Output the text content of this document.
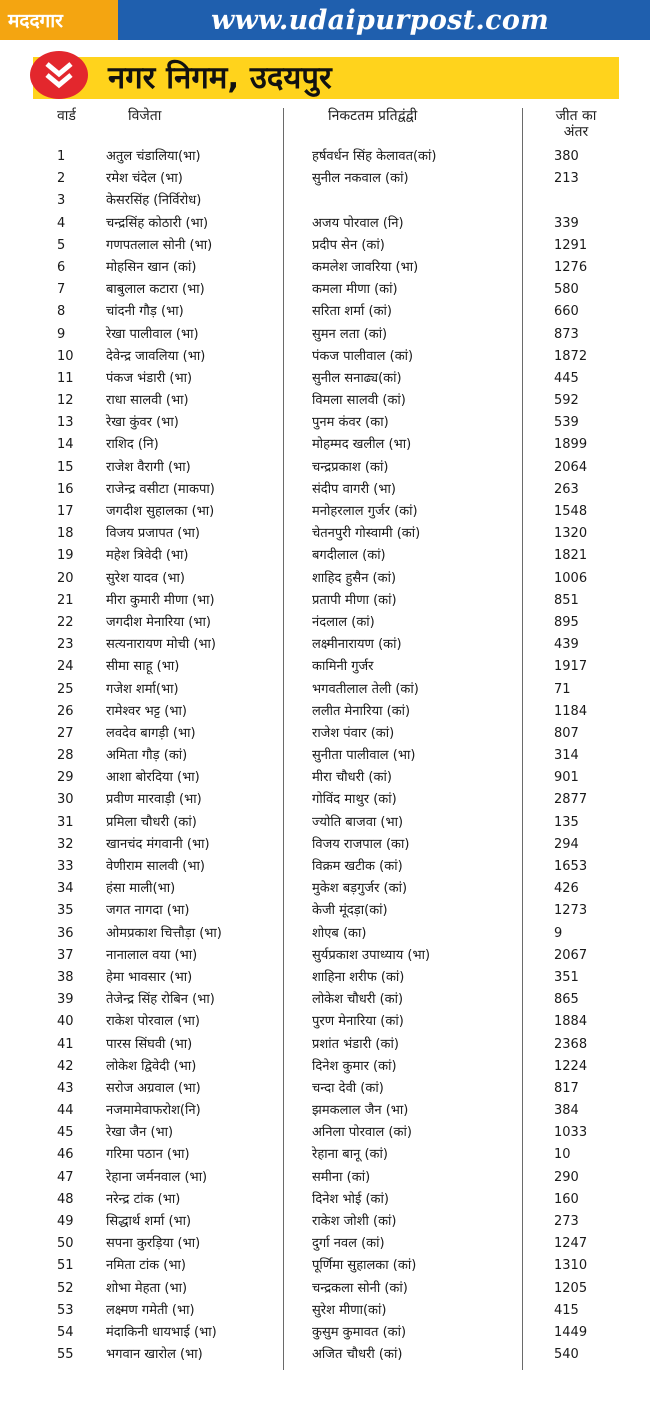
मददगार	www.udaipurpost.com
नगर निगम, उदयपुर
वार्ड	विजेता	निकटतम प्रतिद्वंद्वी	जीत का
अंतर
1	अतुल चंडालिया(भा)	हर्षवर्धन सिंह केलावत(कां)	380
2	रमेश चंदेल (भा)	सुनील नकवाल (कां)	213
3	केसरसिंह (निर्विरोध)
4	चन्द्रसिंह कोठारी (भा)	अजय पोरवाल (नि)	339
5	गणपतलाल सोनी (भा)	प्रदीप सेन (कां)	1291
6	मोहसिन खान (कां)	कमलेश जावरिया (भा)	1276
7	बाबुलाल कटारा (भा)	कमला मीणा (कां)	580
8	चांदनी गौड़ (भा)	सरिता शर्मा (कां)	660
9	रेखा पालीवाल (भा)	सुमन लता (कां)	873
10 देवेन्द्र जावलिया (भा)	पंकज पालीवाल (कां)	1872
11 पंकज भंडारी (भा)	सुनील सनाढ्य(कां)	445
12 राधा सालवी (भा)	विमला सालवी (कां)	592
13 रेखा कुंवर (भा)	पुनम कंवर (का)	539
14 राशिद (नि)	मोहम्मद खलील (भा)	1899
15 राजेश वैरागी (भा)	चन्द्रप्रकाश (कां)	2064
16 राजेन्द्र वसीटा (माकपा)	संदीप वागरी (भा)	263
17 जगदीश सुहालका (भा)	मनोहरलाल गुर्जर (कां)	1548
18 विजय प्रजापत (भा)	चेतनपुरी गोस्वामी (कां)	1320
19 महेश त्रिवेदी (भा)	बगदीलाल (कां)	1821
20 सुरेश यादव (भा)	शाहिद हुसैन (कां)	1006
21 मीरा कुमारी मीणा (भा)	प्रतापी मीणा (कां)	851
22 जगदीश मेनारिया (भा)	नंदलाल (कां)	895
23 सत्यनारायण मोची (भा)	लक्ष्मीनारायण (कां)	439
24 सीमा साहू (भा)	कामिनी गुर्जर	1917
25 गजेश शर्मा(भा)	भगवतीलाल तेली (कां)	71
26 रामेश्वर भट्ट (भा)	ललीत मेनारिया (कां)	1184
27 लवदेव बागड़ी (भा)	राजेश पंवार (कां)	807
28 अमिता गौड़ (कां)	सुनीता पालीवाल (भा)	314
29 आशा बोरदिया (भा)	मीरा चौधरी (कां)	901
30 प्रवीण मारवाड़ी (भा)	गोविंद माथुर (कां)	2877
31 प्रमिला चौधरी (कां)	ज्योति बाजवा (भा)	135
32 खानचंद मंगवानी (भा)	विजय राजपाल (का)	294
33 वेणीराम सालवी (भा)	विक्रम खटीक (कां)	1653
34 हंसा माली(भा)	मुकेश बड़गुर्जर (कां)	426
35 जगत नागदा (भा)	केजी मूंदड़ा(कां)	1273
36 ओमप्रकाश चित्तौड़ा (भा)	शोएब (का)	9
37 नानालाल वया (भा)	सुर्यप्रकाश उपाध्याय (भा)	2067
38 हेमा भावसार (भा)	शाहिना शरीफ (कां)	351
39 तेजेन्द्र सिंह रोबिन (भा)	लोकेश चौधरी (कां)	865
40 राकेश पोरवाल (भा)	पुरण मेनारिया (कां)	1884
41 पारस सिंघवी (भा)	प्रशांत भंडारी (कां)	2368
42 लोकेश द्विवेदी (भा)	दिनेश कुमार (कां)	1224
43 सरोज अग्रवाल (भा)	चन्दा देवी (कां)	817
44 नजमामेवाफरोश(नि)	झमकलाल जैन (भा)	384
45 रेखा जैन (भा)	अनिला पोरवाल (कां)	1033
46 गरिमा पठान (भा)	रेहाना बानू (कां)	10
47 रेहाना जर्मनवाल (भा)	समीना (कां)	290
48 नरेन्द्र टांक (भा)	दिनेश भोई (कां)	160
49 सिद्धार्थ शर्मा (भा)	राकेश जोशी (कां)	273
50 सपना कुरड़िया (भा)	दुर्गा नवल (कां)	1247
51 नमिता टांक (भा)	पूर्णिमा सुहालका (कां)	1310
52 शोभा मेहता (भा)	चन्द्रकला सोनी (कां)	1205
53 लक्ष्मण गमेती (भा)	सुरेश मीणा(कां)	415
54 मंदाकिनी धायभाई (भा)	कुसुम कुमावत (कां)	1449
55 भगवान खारोल (भा)	अजित चौधरी (कां)	540
